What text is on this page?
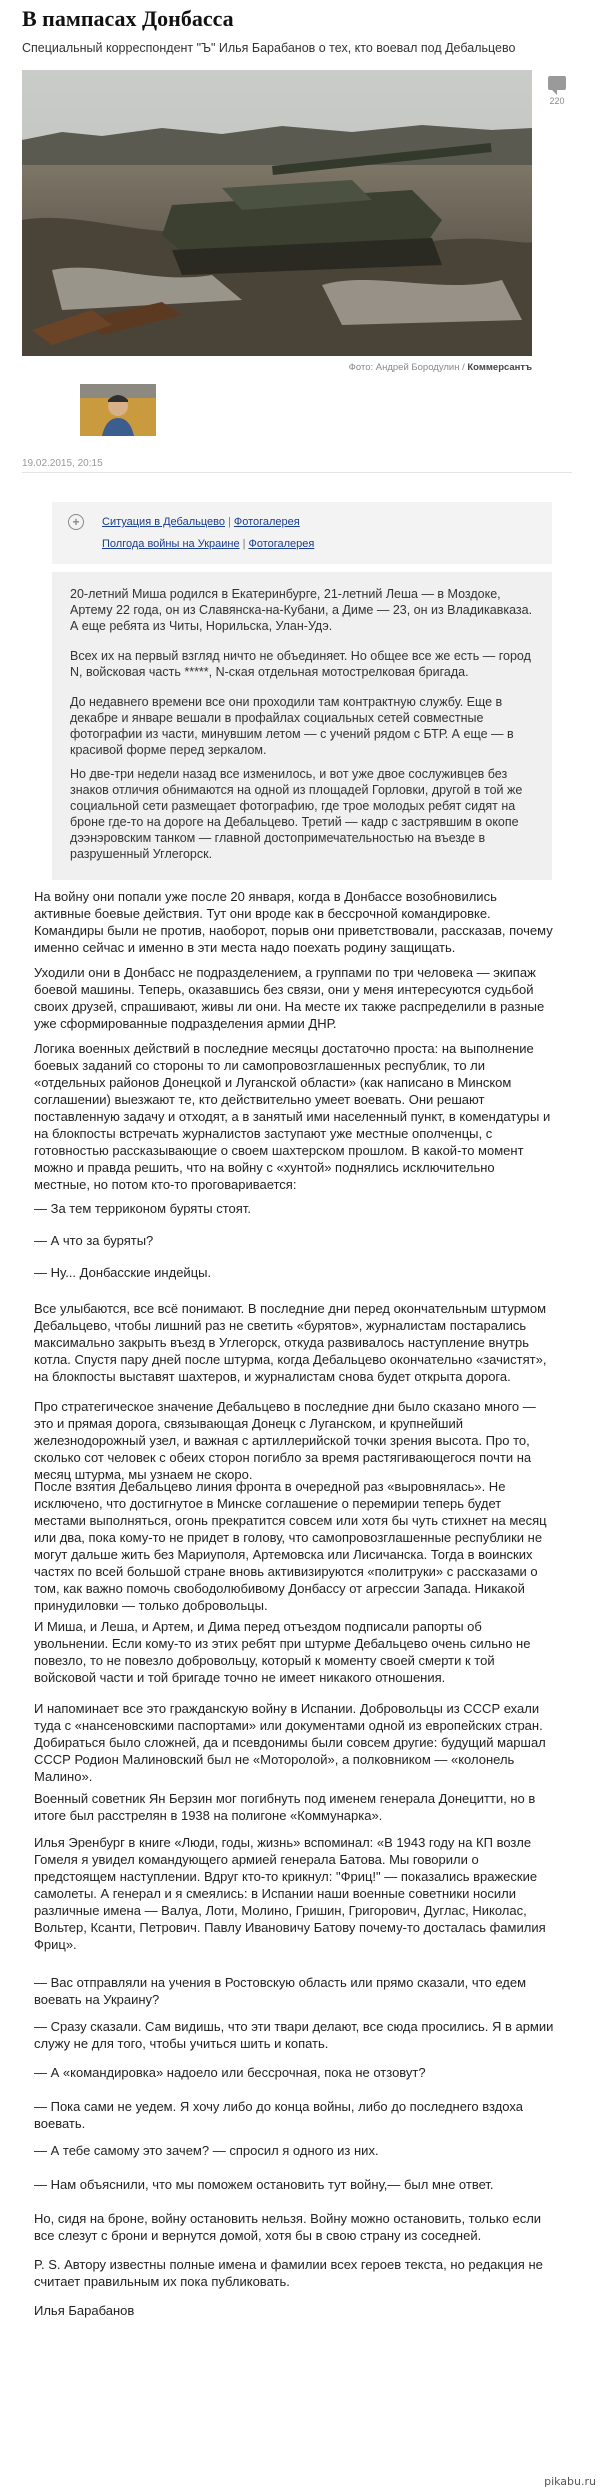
В пампасах Донбасса
Специальный корреспондент "Ъ" Илья Барабанов о тех, кто воевал под Дебальцево
220
Фото: Андрей Бородулин / Коммерсантъ
19.02.2015, 20:15
+	Ситуация в Дебальцево | Фотогалерея
Полгода войны на Украине | Фотогалерея

20-летний Миша родился в Екатеринбурге, 21-летний Леша — в Моздоке, Артему 22 года, он из Славянска-на-Кубани, а Диме — 23, он из Владикавказа. А еще ребята из Читы, Норильска, Улан-Удэ.

Всех их на первый взгляд ничто не объединяет. Но общее все же есть — город N, войсковая часть *****, N-ская отдельная мотострелковая бригада.

До недавнего времени все они проходили там контрактную службу. Еще в декабре и январе вешали в профайлах социальных сетей совместные фотографии из части, минувшим летом — с учений рядом с БТР. А еще — в красивой форме перед зеркалом.

Но две-три недели назад все изменилось, и вот уже двое сослуживцев без знаков отличия обнимаются на одной из площадей Горловки, другой в той же социальной сети размещает фотографию, где трое молодых ребят сидят на броне где-то на дороге на Дебальцево. Третий — кадр с застрявшим в окопе дээнэровским танком — главной достопримечательностью на въезде в разрушенный Углегорск.

На войну они попали уже после 20 января, когда в Донбассе возобновились активные боевые действия. Тут они вроде как в бессрочной командировке. Командиры были не против, наоборот, порыв они приветствовали, рассказав, почему именно сейчас и именно в эти места надо поехать родину защищать.

Уходили они в Донбасс не подразделением, а группами по три человека — экипаж боевой машины. Теперь, оказавшись без связи, они у меня интересуются судьбой своих друзей, спрашивают, живы ли они. На месте их также распределили в разные уже сформированные подразделения армии ДНР.

Логика военных действий в последние месяцы достаточно проста: на выполнение боевых заданий со стороны то ли самопровозглашенных республик, то ли «отдельных районов Донецкой и Луганской области» (как написано в Минском соглашении) выезжают те, кто действительно умеет воевать. Они решают поставленную задачу и отходят, а в занятый ими населенный пункт, в комендатуры и на блокпосты встречать журналистов заступают уже местные ополченцы, с готовностью рассказывающие о своем шахтерском прошлом. В какой-то момент можно и правда решить, что на войну с «хунтой» поднялись исключительно местные, но потом кто-то проговаривается:

— За тем терриконом буряты стоят.

— А что за буряты?

— Ну... Донбасские индейцы.

Все улыбаются, все всё понимают. В последние дни перед окончательным штурмом Дебальцево, чтобы лишний раз не светить «бурятов», журналистам постарались максимально закрыть въезд в Углегорск, откуда развивалось наступление внутрь котла. Спустя пару дней после штурма, когда Дебальцево окончательно «зачистят», на блокпосты выставят шахтеров, и журналистам снова будет открыта дорога.

Про стратегическое значение Дебальцево в последние дни было сказано много — это и прямая дорога, связывающая Донецк с Луганском, и крупнейший железнодорожный узел, и важная с артиллерийской точки зрения высота. Про то, сколько сот человек с обеих сторон погибло за время растягивающегося почти на месяц штурма, мы узнаем не скоро.

После взятия Дебальцево линия фронта в очередной раз «выровнялась». Не исключено, что достигнутое в Минске соглашение о перемирии теперь будет местами выполняться, огонь прекратится совсем или хотя бы чуть стихнет на месяц или два, пока кому-то не придет в голову, что самопровозглашенные республики не могут дальше жить без Мариуполя, Артемовска или Лисичанска. Тогда в воинских частях по всей большой стране вновь активизируются «политруки» с рассказами о том, как важно помочь свободолюбивому Донбассу от агрессии Запада. Никакой принудиловки — только добровольцы.

И Миша, и Леша, и Артем, и Дима перед отъездом подписали рапорты об увольнении. Если кому-то из этих ребят при штурме Дебальцево очень сильно не повезло, то не повезло добровольцу, который к моменту своей смерти к той войсковой части и той бригаде точно не имеет никакого отношения.

И напоминает все это гражданскую войну в Испании. Добровольцы из СССР ехали туда с «нансеновскими паспортами» или документами одной из европейских стран. Добираться было сложней, да и псевдонимы были совсем другие: будущий маршал СССР Родион Малиновский был не «Моторолой», а полковником — «колонель Малино».

Военный советник Ян Берзин мог погибнуть под именем генерала Донецитти, но в итоге был расстрелян в 1938 на полигоне «Коммунарка».

Илья Эренбург в книге «Люди, годы, жизнь» вспоминал: «В 1943 году на КП возле Гомеля я увидел командующего армией генерала Батова. Мы говорили о предстоящем наступлении. Вдруг кто-то крикнул: "Фриц!" — показались вражеские самолеты. А генерал и я смеялись: в Испании наши военные советники носили различные имена — Валуа, Лоти, Молино, Гришин, Григорович, Дуглас, Николас, Вольтер, Ксанти, Петрович. Павлу Ивановичу Батову почему-то досталась фамилия Фриц».

— Вас отправляли на учения в Ростовскую область или прямо сказали, что едем воевать на Украину?

— Сразу сказали. Сам видишь, что эти твари делают, все сюда просились. Я в армии служу не для того, чтобы учиться шить и копать.

— А «командировка» надоело или бессрочная, пока не отзовут?

— Пока сами не уедем. Я хочу либо до конца войны, либо до последнего вздоха воевать.

— А тебе самому это зачем? — спросил я одного из них.

— Нам объяснили, что мы поможем остановить тут войну,— был мне ответ.

Но, сидя на броне, войну остановить нельзя. Войну можно остановить, только если все слезут с брони и вернутся домой, хотя бы в свою страну из соседней.

P. S. Автору известны полные имена и фамилии всех героев текста, но редакция не считает правильным их пока публиковать.

Илья Барабанов

pikabu.ru
